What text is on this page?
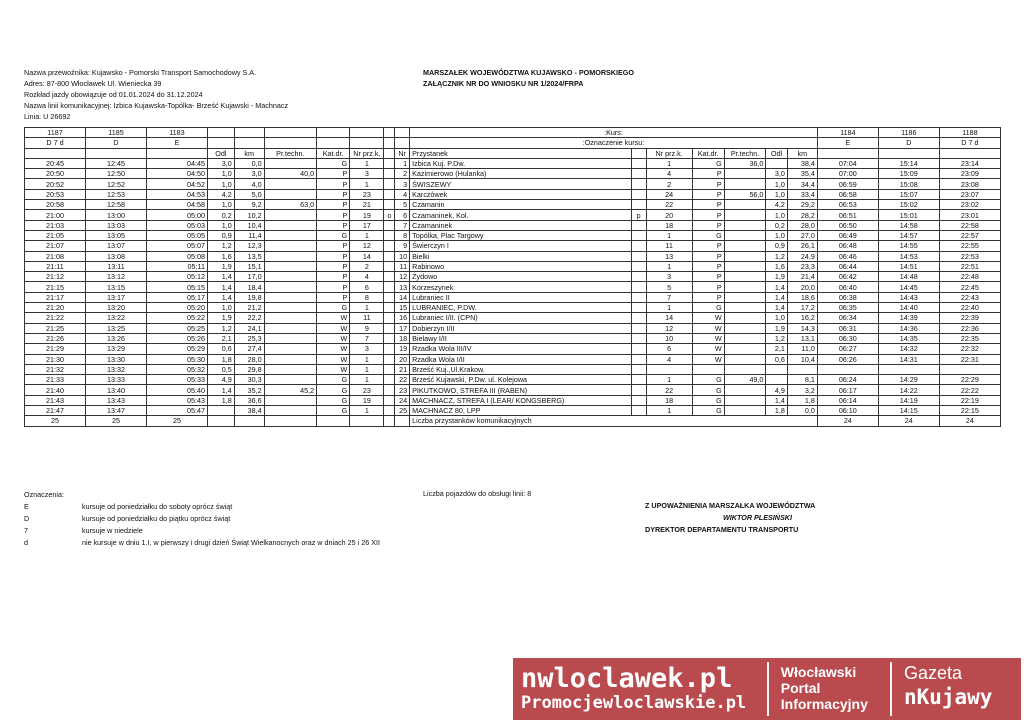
Nazwa przewoźnika: Kujawsko - Pomorski Transport Samochodowy S.A.
Adres: 87-800 Włocławek Ul. Wieniecka 39
Rozkład jazdy obowiązuje od 01.01.2024 do 31.12.2024
Nazwa linii komunikacyjnej: Izbica Kujawska-Topólka- Brześć Kujawski - Machnacz
Linia: U 26692
MARSZAŁEK WOJEWÓDZTWA KUJAWSKO - POMORSKIEGO
ZAŁĄCZNIK NR DO WNIOSKU NR 1/2024/FRPA
1187	1185	1183								:Kurs:							1184	1186	1188
D 7 d	D	E								:Oznaczenie kursu:							E	D	D 7 d
			Odl	km	Pr.techn.	Kat.dr.	Nr prz.k.		Nr	Przystanek		Nr prz.k.	Kat.dr.	Pr.techn.	Odl	km			
20:45	12:45	04:45	3,0	0,0		G	1		1	Izbica Kuj. P.Dw.		1	G	36,0		38,4	07:04	15:14	23:14
20:50	12:50	04:50	1,0	3,0	40,0	P	3		2	Kazimierowo (Hulanka)		4	P		3,0	35,4	07:00	15:09	23:09
20:52	12:52	04:52	1,0	4,0		P	1		3	ŚWISZEWY		2	P		1,0	34,4	06:59	15:08	23:08
20:53	12:53	04:53	4,2	5,0		P	23		4	Karczówek		24	P	56,0	1,0	33,4	06:58	15:07	23:07
20:58	12:58	04:58	1,0	9,2	63,0	P	21		5	Czamanin		22	P		4,2	29,2	06:53	15:02	23:02
21:00	13:00	05:00	0,2	10,2		P	19	o	6	Czamaninek, Kol.	p	20	P		1,0	28,2	06:51	15:01	23:01
21:03	13:03	05:03	1,0	10,4		P	17		7	Czamaninek		18	P		0,2	28,0	06:50	14:58	22:58
21:05	13:05	05:05	0,9	11,4		G	1		8	Topólka, Plac Targowy		1	G		1,0	27,0	06:49	14:57	22:57
21:07	13:07	05:07	1,2	12,3		P	12		9	Świerczyn I		11	P		0,9	26,1	06:48	14:55	22:55
21:08	13:08	05:08	1,6	13,5		P	14		10	Bielki		13	P		1,2	24,9	06:46	14:53	22:53
21:11	13:11	05:11	1,9	15,1		P	2		11	Rabinowo		1	P		1,6	23,3	06:44	14:51	22:51
21:12	13:12	05:12	1,4	17,0		P	4		12	Żydowo		3	P		1,9	21,4	06:42	14:48	22:48
21:15	13:15	05:15	1,4	18,4		P	6		13	Korzeszynek		5	P		1,4	20,0	06:40	14:45	22:45
21:17	13:17	05:17	1,4	19,8		P	8		14	Lubraniec II		7	P		1,4	18,6	06:38	14:43	22:43
21:20	13:20	05:20	1,0	21,2		G	1		15	LUBRANIEC, P.DW.		1	G		1,4	17,2	06:35	14:40	22:40
21:22	13:22	05:22	1,9	22,2		W	11		16	Lubraniec I/II. (CPN)		14	W		1,0	16,2	06:34	14:39	22:39
21:25	13:25	05:25	1,2	24,1		W	9		17	Dobierzyn I/II		12	W		1,9	14,3	06:31	14:36	22:36
21:26	13:26	05:26	2,1	25,3		W	7		18	Bielawy I/II		10	W		1,2	13,1	06:30	14:35	22:35
21:29	13:29	05:29	0,6	27,4		W	3		19	Rzadka Wola III/IV		6	W		2,1	11,0	06:27	14:32	22:32
21:30	13:30	05:30	1,8	28,0		W	1		20	Rzadka Wola I/II		4	W		0,6	10,4	06:26	14:31	22:31
21:32	13:32	05:32	0,5	29,8		W	1		21	Brześć Kuj.,Ul.Krakow.									
21:33	13:33	05:33	4,9	30,3		G	1		22	Brześć Kujawski, P.Dw. ul. Kolejowa		1	G	49,0		8,1	06:24	14:29	22:29
21:40	13:40	05:40	1,4	35,2	45,2	G	23		23	PIKUTKOWO, STREFA III (RABEN)		22	G		4,9	3,2	06:17	14:22	22:22
21:43	13:43	05:43	1,8	36,6		G	19		24	MACHNACZ, STREFA I (LEAR/ KONGSBERG)		18	G		1,4	1,8	06:14	14:19	22:19
21:47	13:47	05:47		38,4		G	1		25	MACHNACZ 80, LPP		1	G		1,8	0,0	06:10	14:15	22:15
25	25	25								Liczba przystanków komunikacyjnych							24	24	24
Oznaczenia:
E	kursuje od poniedziałku do soboty oprócz świąt
D	kursuje od poniedziałku do piątku oprócz świąt
7	kursuje w niedziele
d	nie kursuje w dniu 1.I, w pierwszy i drugi dzień Świąt Wielkanocnych oraz w dniach 25 i 26 XII
Liczba pojazdów do obsługi linii: 8
Z UPOWAŻNIENIA MARSZAŁKA WOJEWÓDZTWA
WIKTOR PLESIŃSKI
DYREKTOR DEPARTAMENTU TRANSPORTU
nwloclawek.pl
Promocjewloclawskie.pl
Włocławski
Portal
Informacyjny
Gazeta
nKujawy
